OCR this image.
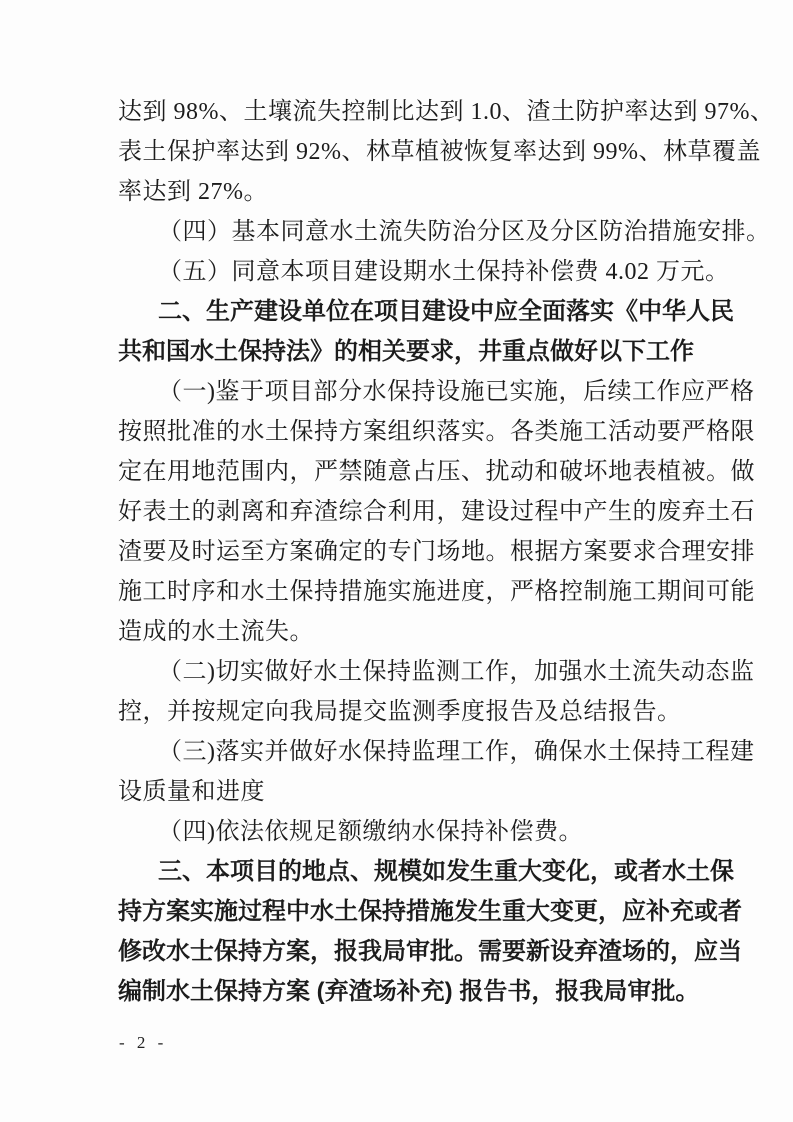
达到 98%、土壤流失控制比达到 1.0、渣土防护率达到 97%、
表土保护率达到 92%、林草植被恢复率达到 99%、林草覆盖
率达到 27%。
（四）基本同意水土流失防治分区及分区防治措施安排。
（五）同意本项目建设期水土保持补偿费 4.02 万元。
二、生产建设单位在项目建设中应全面落实《中华人民
共和国水土保持法》的相关要求，井重点做好以下工作
（一)鉴于项目部分水保持设施已实施，后续工作应严格
按照批准的水土保持方案组织落实。各类施工活动要严格限
定在用地范围内，严禁随意占压、扰动和破坏地表植被。做
好表土的剥离和弃渣综合利用，建设过程中产生的废弃土石
渣要及时运至方案确定的专门场地。根据方案要求合理安排
施工时序和水土保持措施实施进度，严格控制施工期间可能
造成的水土流失。
（二)切实做好水土保持监测工作，加强水土流失动态监
控，并按规定向我局提交监测季度报告及总结报告。
（三)落实并做好水保持监理工作，确保水土保持工程建
设质量和进度
（四)依法依规足额缴纳水保持补偿费。
三、本项目的地点、规模如发生重大变化，或者水土保
持方案实施过程中水土保持措施发生重大变更，应补充或者
修改水士保持方案，报我局审批。需要新设弃渣场的，应当
编制水土保持方案 (弃渣场补充) 报告书，报我局审批。
- 2 -
